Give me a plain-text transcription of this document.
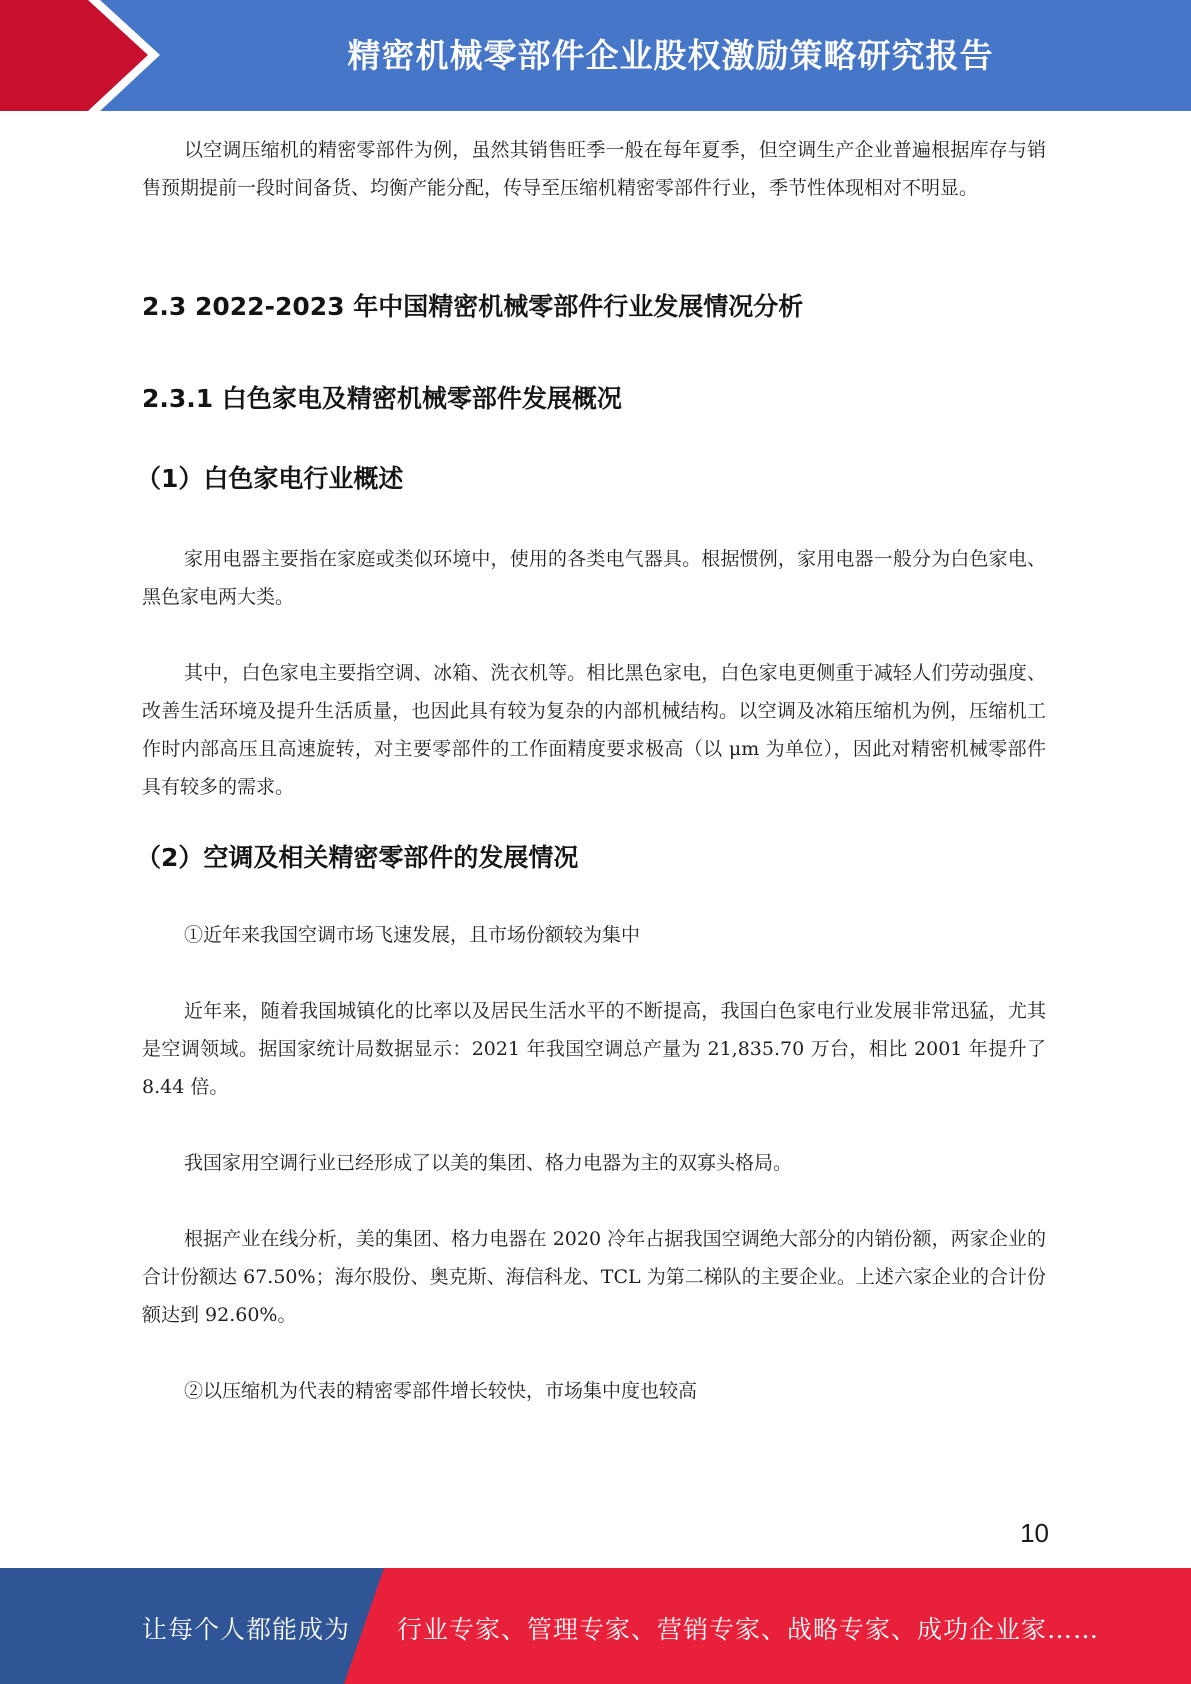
精密机械零部件企业股权激励策略研究报告

以空调压缩机的精密零部件为例，虽然其销售旺季一般在每年夏季，但空调生产企业普遍根据库存与销售预期提前一段时间备货、均衡产能分配，传导至压缩机精密零部件行业，季节性体现相对不明显。

2.3 2022-2023 年中国精密机械零部件行业发展情况分析
2.3.1 白色家电及精密机械零部件发展概况
（1）白色家电行业概述

家用电器主要指在家庭或类似环境中，使用的各类电气器具。根据惯例，家用电器一般分为白色家电、黑色家电两大类。

其中，白色家电主要指空调、冰箱、洗衣机等。相比黑色家电，白色家电更侧重于减轻人们劳动强度、改善生活环境及提升生活质量，也因此具有较为复杂的内部机械结构。以空调及冰箱压缩机为例，压缩机工作时内部高压且高速旋转，对主要零部件的工作面精度要求极高（以 μm 为单位），因此对精密机械零部件具有较多的需求。

（2）空调及相关精密零部件的发展情况

①近年来我国空调市场飞速发展，且市场份额较为集中

近年来，随着我国城镇化的比率以及居民生活水平的不断提高，我国白色家电行业发展非常迅猛，尤其是空调领域。据国家统计局数据显示：2021 年我国空调总产量为 21,835.70 万台，相比 2001 年提升了 8.44 倍。

我国家用空调行业已经形成了以美的集团、格力电器为主的双寡头格局。

根据产业在线分析，美的集团、格力电器在 2020 冷年占据我国空调绝大部分的内销份额，两家企业的合计份额达 67.50%；海尔股份、奥克斯、海信科龙、TCL 为第二梯队的主要企业。上述六家企业的合计份额达到 92.60%。

②以压缩机为代表的精密零部件增长较快，市场集中度也较高

10
让每个人都能成为 行业专家、管理专家、营销专家、战略专家、成功企业家……
